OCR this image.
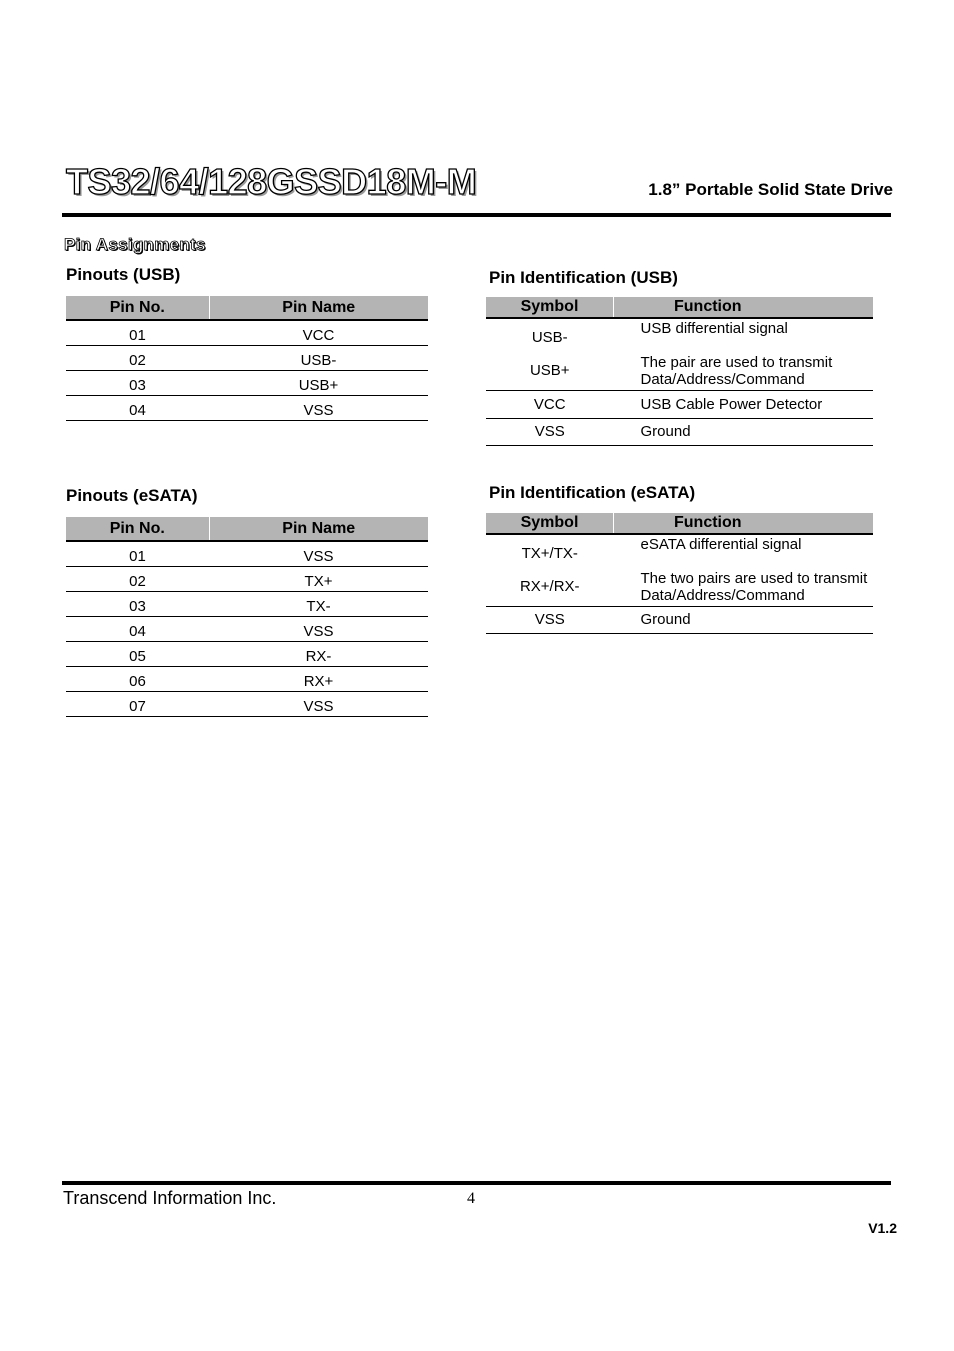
TS32/64/128GSSD18M-M	1.8” Portable Solid State Drive
Pin Assignments
Pinouts (USB)
Pin No.	Pin Name
01	VCC
02	USB-
03	USB+
04	VSS
Pin Identification (USB)
Symbol	Function
USB-	USB differential signal
USB+	The pair are used to transmit Data/Address/Command
VCC	USB Cable Power Detector
VSS	Ground
Pinouts (eSATA)
Pin No.	Pin Name
01	VSS
02	TX+
03	TX-
04	VSS
05	RX-
06	RX+
07	VSS
Pin Identification (eSATA)
Symbol	Function
TX+/TX-	eSATA differential signal
RX+/RX-	The two pairs are used to transmit Data/Address/Command
VSS	Ground
Transcend Information Inc.	4
V1.2
